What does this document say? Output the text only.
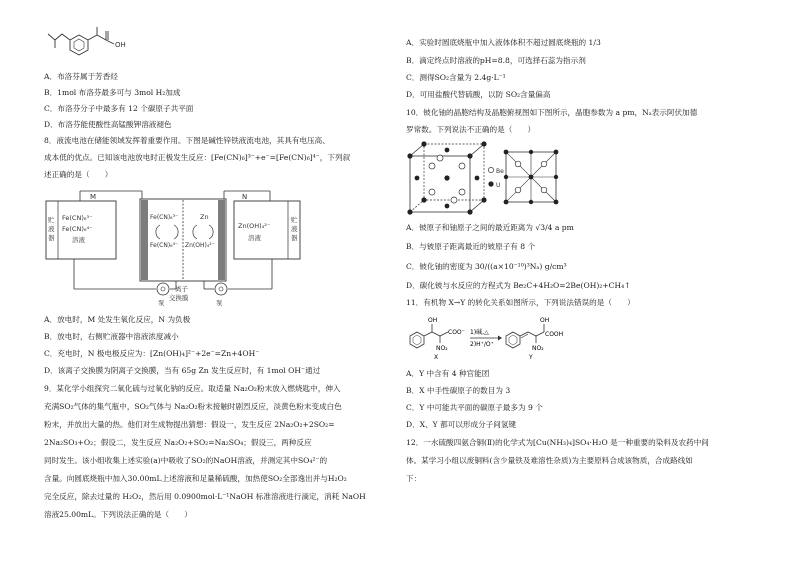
OH
A．布洛芬属于芳香烃
B．1mol 布洛芬最多可与 3mol H₂加成
C．布洛芬分子中最多有 12 个碳原子共平面
D．布洛芬能使酸性高锰酸钾溶液褪色
8．液流电池在储能领域发挥着重要作用。下图是碱性锌铁液流电池，其具有电压高、
成本低的优点。已知该电池放电时正极发生反应：[Fe(CN)₆]³⁻+e⁻=[Fe(CN)₆]⁴⁻，下列叙
述正确的是（　　）
贮
液
器
Fe(CN)₆³⁻
Fe(CN)₆⁴⁻
溶液
M
Fe(CN)₆³⁻
Fe(CN)₆⁴⁻
Zn
Zn(OH)₄²⁻
N
Zn(OH)₄²⁻
溶液
贮
液
器
泵	泵
离子
交换膜
A．放电时，M 处发生氧化反应，N 为负极
B．放电时，右侧贮液器中溶液浓度减小
C．充电时，N 极电极反应为：[Zn(OH)₄]²⁻+2e⁻=Zn+4OH⁻
D．该离子交换膜为阴离子交换膜，当有 65g Zn 发生反应时，有 1mol OH⁻通过
9．某化学小组探究二氧化硫与过氧化钠的反应。取适量 Na₂O₂粉末放入燃烧匙中，伸入
充满SO₂气体的集气瓶中，SO₂气体与 Na₂O₂粉末接触时剧烈反应，淡黄色粉末变成白色
粉末，并放出大量的热。他们对生成物提出猜想：假设一，发生反应 2Na₂O₂+2SO₂=
2Na₂SO₃+O₂；假设二，发生反应 Na₂O₂+SO₂=Na₂SO₄；假设三，两种反应
同时发生。该小组收集上述实验(a)中吸收了SO₂的NaOH溶液，并测定其中SO₄²⁻的
含量。向圆底烧瓶中加入30.00mL上述溶液和足量稀硫酸，加热使SO₂全部逸出并与H₂O₂
完全反应，除去过量的 H₂O₂，然后用 0.0900mol·L⁻¹NaOH 标准溶液进行滴定，消耗 NaOH
溶液25.00mL。下列说法正确的是（　　）
A．实验时圆底烧瓶中加入液体体积不超过圆底烧瓶的 1/3
B．滴定终点时溶液的pH=8.8，可选择石蕊为指示剂
C．测得SO₂含量为 2.4g·L⁻¹
D．可用盐酸代替硫酸，以防 SO₂含量偏高
10．铍化铀的晶胞结构及晶胞俯视图如下图所示，晶胞参数为 a pm，Nₐ表示阿伏加德
罗常数。下列说法不正确的是（　　）
Be
U
A．铍原子和铀原子之间的最近距离为 √3/4 a pm
B．与铍原子距离最近的铍原子有 8 个
C．铍化铀的密度为 30/((a×10⁻¹⁰)³Nₐ) g/cm³
D．碳化铍与水反应的方程式为 Be₂C+4H₂O=2Be(OH)₂+CH₄↑
11．有机物 X→Y 的转化关系如图所示，下列说法错误的是（　　）
OH
NO₂
COO⁻
X
1)碱,△
2)H⁺/O⁺
OH
NO₂
COOH
Y
A．Y 中含有 4 种官能团
B．X 中手性碳原子的数目为 3
C．Y 中可能共平面的碳原子最多为 9 个
D．X、Y 都可以形成分子间氢键
12．一水硫酸四氨合铜(Ⅱ)的化学式为[Cu(NH₃)₄]SO₄·H₂O 是一种重要的染料及农药中间
体。某学习小组以废铜料(含少量铁及难溶性杂质)为主要原料合成该物质，合成路线如
下：
